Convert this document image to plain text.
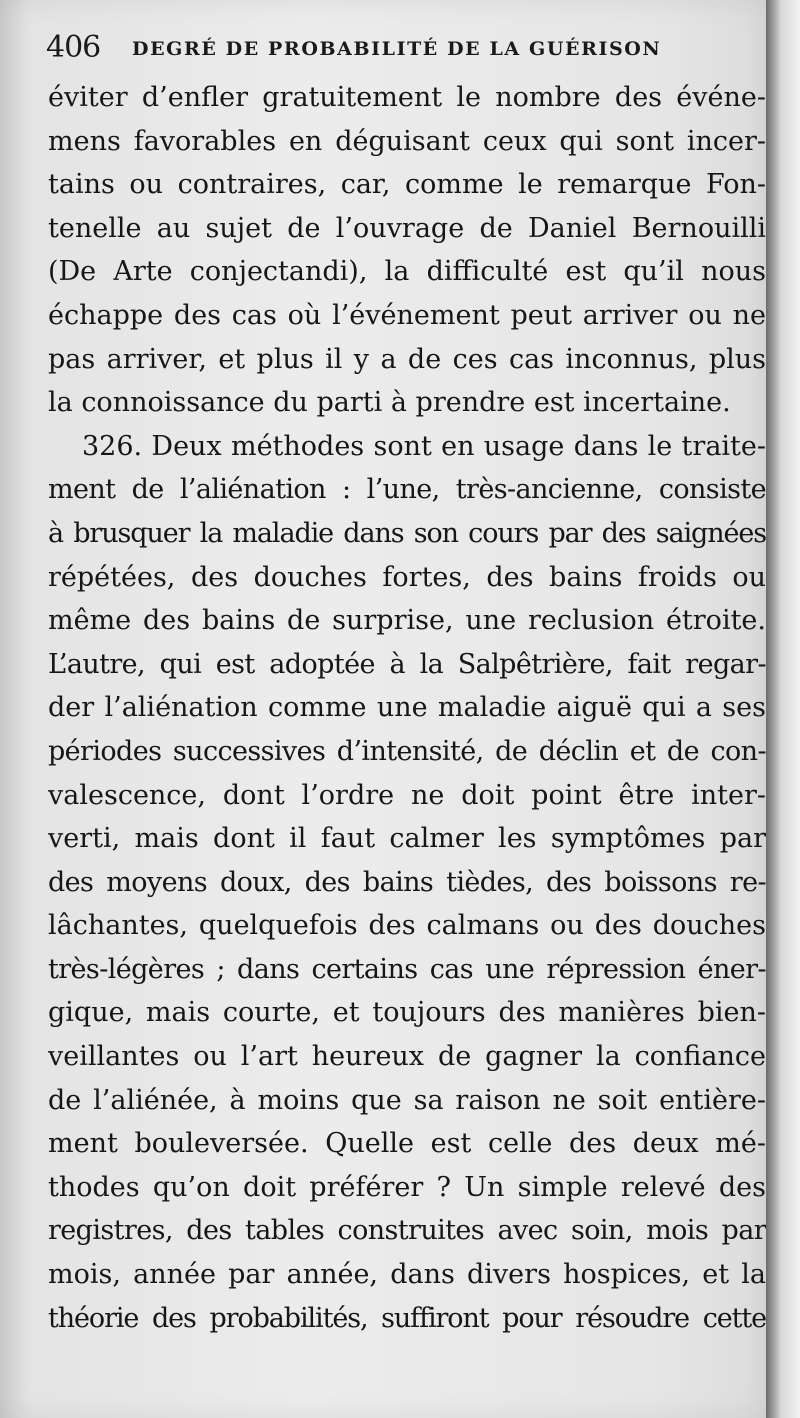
406 DEGRÉ DE PROBABILITÉ DE LA GUÉRISON
éviter d’enfler gratuitement le nombre des événe-
mens favorables en déguisant ceux qui sont incer-
tains ou contraires, car, comme le remarque Fon-
tenelle au sujet de l’ouvrage de Daniel Bernouilli
(De Arte conjectandi), la difficulté est qu’il nous
échappe des cas où l’événement peut arriver ou ne
pas arriver, et plus il y a de ces cas inconnus, plus
la connoissance du parti à prendre est incertaine.
326. Deux méthodes sont en usage dans le traite-
ment de l’aliénation : l’une, très-ancienne, consiste
à brusquer la maladie dans son cours par des saignées
répétées, des douches fortes, des bains froids ou
même des bains de surprise, une reclusion étroite.
L’autre, qui est adoptée à la Salpêtrière, fait regar-
der l’aliénation comme une maladie aiguë qui a ses
périodes successives d’intensité, de déclin et de con-
valescence, dont l’ordre ne doit point être inter-
verti, mais dont il faut calmer les symptômes par
des moyens doux, des bains tièdes, des boissons re-
lâchantes, quelquefois des calmans ou des douches
très-légères ; dans certains cas une répression éner-
gique, mais courte, et toujours des manières bien-
veillantes ou l’art heureux de gagner la confiance
de l’aliénée, à moins que sa raison ne soit entière-
ment bouleversée. Quelle est celle des deux mé-
thodes qu’on doit préférer ? Un simple relevé des
registres, des tables construites avec soin, mois par
mois, année par année, dans divers hospices, et la
théorie des probabilités, suffiront pour résoudre cette
